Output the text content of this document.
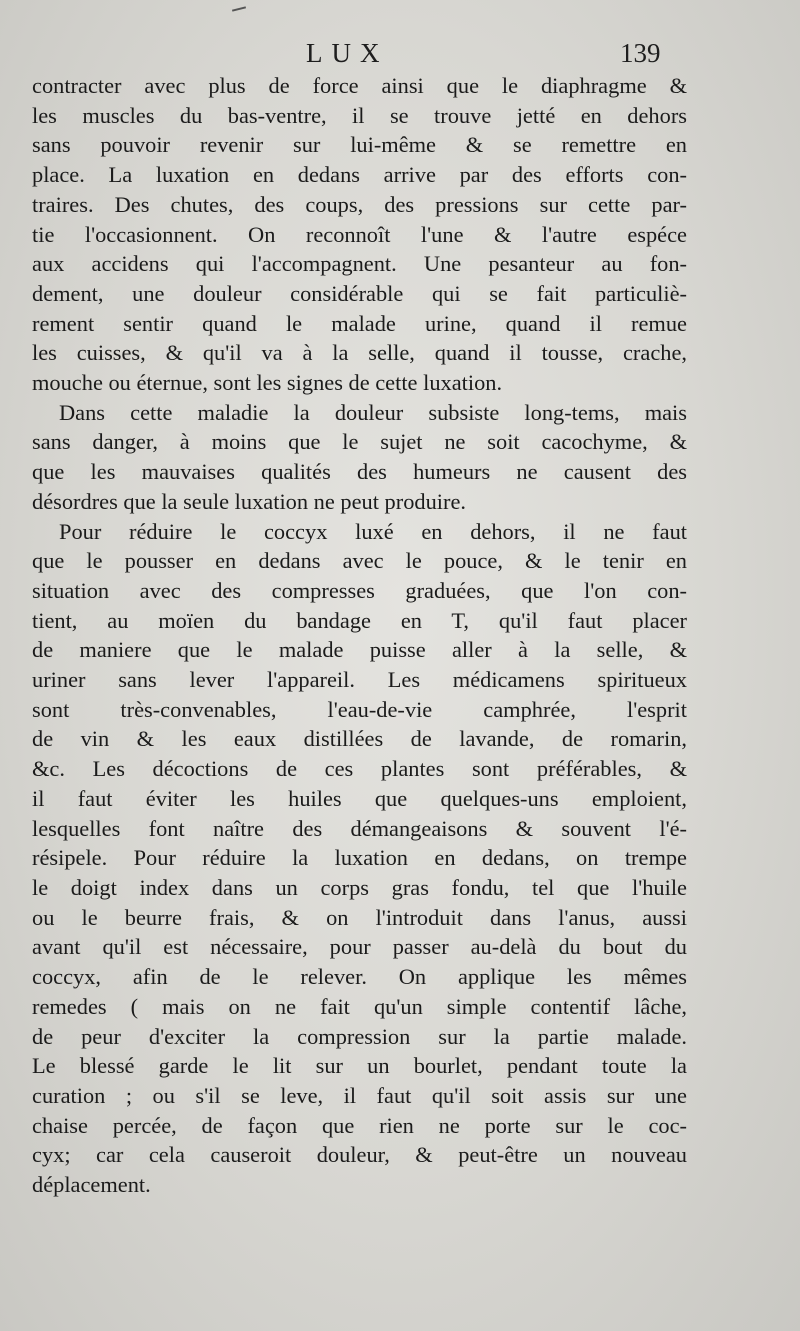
LUX	139
contracter avec plus de force ainsi que le diaphragme &
les muscles du bas-ventre, il se trouve jetté en dehors
sans pouvoir revenir sur lui-même & se remettre en
place. La luxation en dedans arrive par des efforts con-
traires. Des chutes, des coups, des pressions sur cette par-
tie l'occasionnent. On reconnoît l'une & l'autre espéce
aux accidens qui l'accompagnent. Une pesanteur au fon-
dement, une douleur considérable qui se fait particuliè-
rement sentir quand le malade urine, quand il remue
les cuisses, & qu'il va à la selle, quand il tousse, crache,
mouche ou éternue, sont les signes de cette luxation.
Dans cette maladie la douleur subsiste long-tems, mais
sans danger, à moins que le sujet ne soit cacochyme, &
que les mauvaises qualités des humeurs ne causent des
désordres que la seule luxation ne peut produire.
Pour réduire le coccyx luxé en dehors, il ne faut
que le pousser en dedans avec le pouce, & le tenir en
situation avec des compresses graduées, que l'on con-
tient, au moïen du bandage en T, qu'il faut placer
de maniere que le malade puisse aller à la selle, &
uriner sans lever l'appareil. Les médicamens spiritueux
sont très-convenables, l'eau-de-vie camphrée, l'esprit
de vin & les eaux distillées de lavande, de romarin,
&c. Les décoctions de ces plantes sont préférables, &
il faut éviter les huiles que quelques-uns emploient,
lesquelles font naître des démangeaisons & souvent l'é-
résipele. Pour réduire la luxation en dedans, on trempe
le doigt index dans un corps gras fondu, tel que l'huile
ou le beurre frais, & on l'introduit dans l'anus, aussi
avant qu'il est nécessaire, pour passer au-delà du bout du
coccyx, afin de le relever. On applique les mêmes
remedes ( mais on ne fait qu'un simple contentif lâche,
de peur d'exciter la compression sur la partie malade.
Le blessé garde le lit sur un bourlet, pendant toute la
curation ; ou s'il se leve, il faut qu'il soit assis sur une
chaise percée, de façon que rien ne porte sur le coc-
cyx; car cela causeroit douleur, & peut-être un nouveau
déplacement.
